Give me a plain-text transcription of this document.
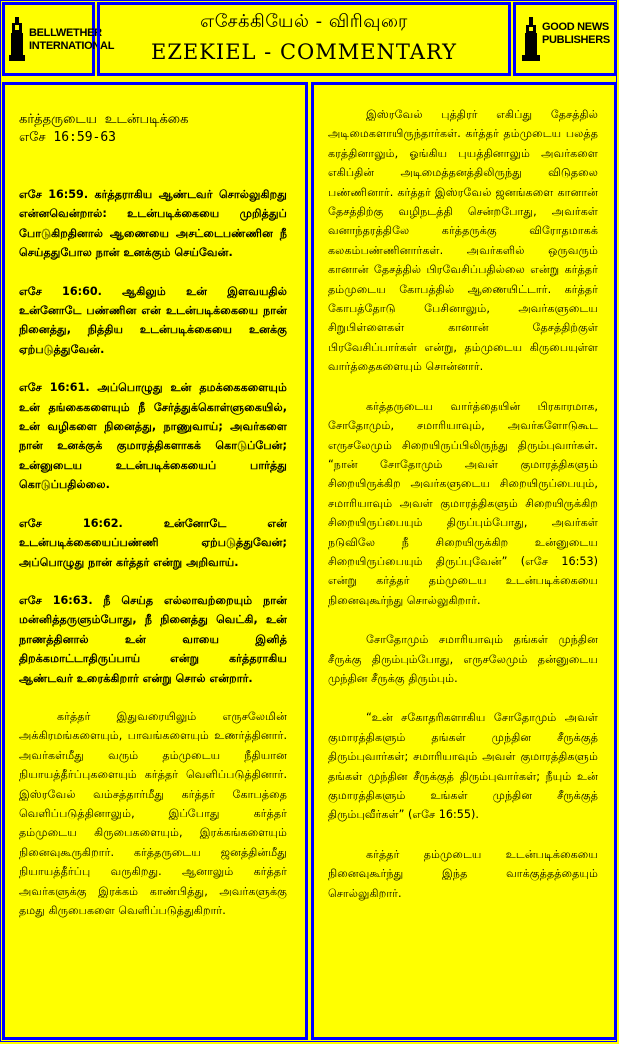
BELLWETHER INTERNATIONAL
எசேக்கியேல் - விரிவுரை
EZEKIEL - COMMENTARY
GOOD NEWS PUBLISHERS
கர்த்தருடைய உடன்படிக்கை
எசே 16:59-63

எசே 16:59. கர்த்தராகிய ஆண்டவர் சொல்லுகிறது என்னவென்றால்: உடன்படிக்கையை முறித்துப் போடுகிறதினால் ஆணையை அசட்டைபண்ணின நீ செய்ததுபோல நான் உனக்கும் செய்வேன்.

எசே 16:60. ஆகிலும் உன் இளவயதில் உன்னோடே பண்ணின என் உடன்படிக்கையை நான் நினைத்து, நித்திய உடன்படிக்கையை உனக்கு ஏற்படுத்துவேன்.

எசே 16:61. அப்பொழுது உன் தமக்கைகளையும் உன் தங்கைகளையும் நீ சேர்த்துக்கொள்ளுகையில், உன் வழிகளை நினைத்து, நாணுவாய்; அவர்களை நான் உனக்குக் குமாரத்திகளாகக் கொடுப்பேன்; உன்னுடைய உடன்படிக்கையைப் பார்த்து கொடுப்பதில்லை.

எசே 16:62. உன்னோடே என் உடன்படிக்கையைப்பண்ணி ஏற்படுத்துவேன்; அப்பொழுது நான் கர்த்தர் என்று அறிவாய்.

எசே 16:63. நீ செய்த எல்லாவற்றையும் நான் மன்னித்தருளும்போது, நீ நினைத்து வெட்கி, உன் நாணத்தினால் உன் வாயை இனித் திறக்கமாட்டாதிருப்பாய் என்று கர்த்தராகிய ஆண்டவர் உரைக்கிறார் என்று சொல் என்றார்.

கர்த்தர் இதுவரையிலும் எருசலேமின் அக்கிரமங்களையும், பாவங்களையும் உணர்த்தினார். அவர்கள்மீது வரும் தம்முடைய நீதியான நியாயத்தீர்ப்புகளையும் கர்த்தர் வெளிப்படுத்தினார். இஸ்ரவேல் வம்சத்தார்மீது கர்த்தர் கோபத்தை வெளிப்படுத்தினாலும், இப்போது கர்த்தர் தம்முடைய கிருபைகளையும், இரக்கங்களையும் நினைவுகூருகிறார். கர்த்தருடைய ஜனத்தின்மீது நியாயத்தீர்ப்பு வருகிறது. ஆனாலும் கர்த்தர் அவர்களுக்கு இரக்கம் காண்பித்து, அவர்களுக்கு தமது கிருபைகளை வெளிப்படுத்துகிறார்.

இஸ்ரவேல் புத்திரர் எகிப்து தேசத்தில் அடிமைகளாயிருந்தார்கள். கர்த்தர் தம்முடைய பலத்த கரத்தினாலும், ஓங்கிய புயத்தினாலும் அவர்களை எகிப்தின் அடிமைத்தனத்திலிருந்து விடுதலை பண்ணினார். கர்த்தர் இஸ்ரவேல் ஜனங்களை கானான் தேசத்திற்கு வழிநடத்தி சென்றபோது, அவர்கள் வனாந்தரத்திலே கர்த்தருக்கு விரோதமாகக் கலகம்பண்ணினார்கள். அவர்களில் ஒருவரும் கானான் தேசத்தில் பிரவேசிப்பதில்லை என்று கர்த்தர் தம்முடைய கோபத்தில் ஆணையிட்டார். கர்த்தர் கோபத்தோடு பேசினாலும், அவர்களுடைய சிறுபிள்ளைகள் கானான் தேசத்திற்குள் பிரவேசிப்பார்கள் என்று, தம்முடைய கிருபையுள்ள வார்த்தைகளையும் சொன்னார்.

கர்த்தருடைய வார்த்தையின் பிரகாரமாக, சோதோமும், சமாரியாவும், அவர்களோடுகூட எருசலேமும் சிறையிருப்பிலிருந்து திரும்புவார்கள். “நான் சோதோமும் அவள் குமாரத்திகளும் சிறையிருக்கிற அவர்களுடைய சிறையிருப்பையும், சமாரியாவும் அவள் குமாரத்திகளும் சிறையிருக்கிற சிறையிருப்பையும் திருப்பும்போது, அவர்கள் நடுவிலே நீ சிறையிருக்கிற உன்னுடைய சிறையிருப்பையும் திருப்புவேன்” (எசே 16:53) என்று கர்த்தர் தம்முடைய உடன்படிக்கையை நினைவுகூர்ந்து சொல்லுகிறார்.

சோதோமும் சமாரியாவும் தங்கள் முந்தின சீருக்கு திரும்பும்போது, எருசலேமும் தன்னுடைய முந்தின சீருக்கு திரும்பும்.

“உன் சகோதரிகளாகிய சோதோமும் அவள் குமாரத்திகளும் தங்கள் முந்தின சீருக்குத் திரும்புவார்கள்; சமாரியாவும் அவள் குமாரத்திகளும் தங்கள் முந்தின சீருக்குத் திரும்புவார்கள்; நீயும் உன் குமாரத்திகளும் உங்கள் முந்தின சீருக்குத் திரும்புவீர்கள்” (எசே 16:55).

கர்த்தர் தம்முடைய உடன்படிக்கையை நினைவுகூர்ந்து இந்த வாக்குத்தத்தையும் சொல்லுகிறார்.
